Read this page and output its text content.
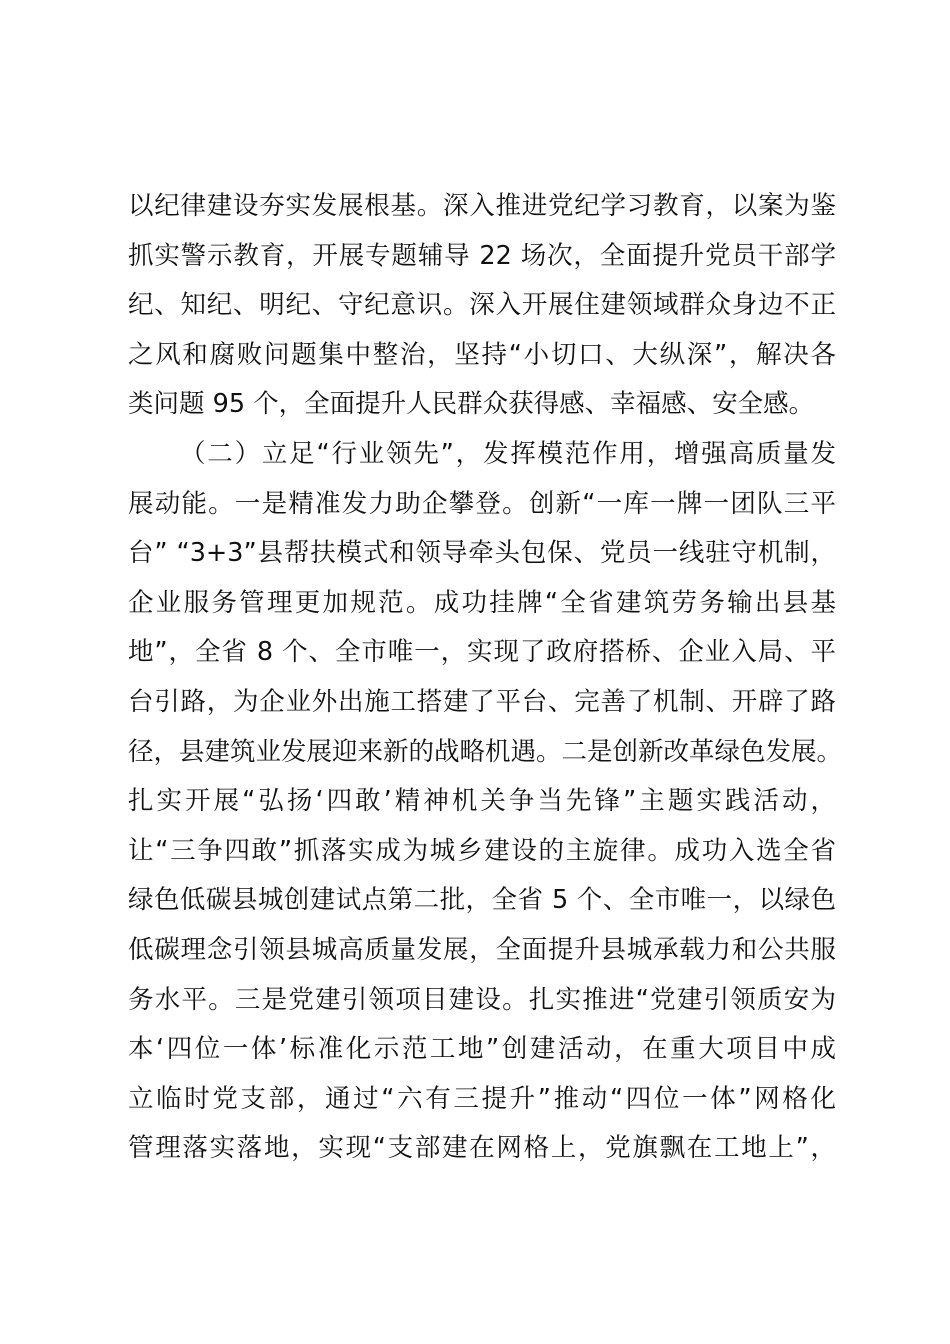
以纪律建设夯实发展根基。深入推进党纪学习教育，以案为鉴
抓实警示教育，开展专题辅导 22 场次，全面提升党员干部学
纪、知纪、明纪、守纪意识。深入开展住建领域群众身边不正
之风和腐败问题集中整治，坚持“小切口、大纵深”，解决各
类问题 95 个，全面提升人民群众获得感、幸福感、安全感。
（二）立足“行业领先”，发挥模范作用，增强高质量发
展动能。一是精准发力助企攀登。创新“一库一牌一团队三平
台” “3+3”县帮扶模式和领导牵头包保、党员一线驻守机制，
企业服务管理更加规范。成功挂牌“全省建筑劳务输出县基
地”，全省 8 个、全市唯一，实现了政府搭桥、企业入局、平
台引路，为企业外出施工搭建了平台、完善了机制、开辟了路
径，县建筑业发展迎来新的战略机遇。二是创新改革绿色发展。
扎实开展“弘扬‘四敢’精神机关争当先锋”主题实践活动，
让“三争四敢”抓落实成为城乡建设的主旋律。成功入选全省
绿色低碳县城创建试点第二批，全省 5 个、全市唯一，以绿色
低碳理念引领县城高质量发展，全面提升县城承载力和公共服
务水平。三是党建引领项目建设。扎实推进“党建引领质安为
本‘四位一体’标准化示范工地”创建活动，在重大项目中成
立临时党支部，通过“六有三提升”推动“四位一体”网格化
管理落实落地，实现“支部建在网格上，党旗飘在工地上”，
